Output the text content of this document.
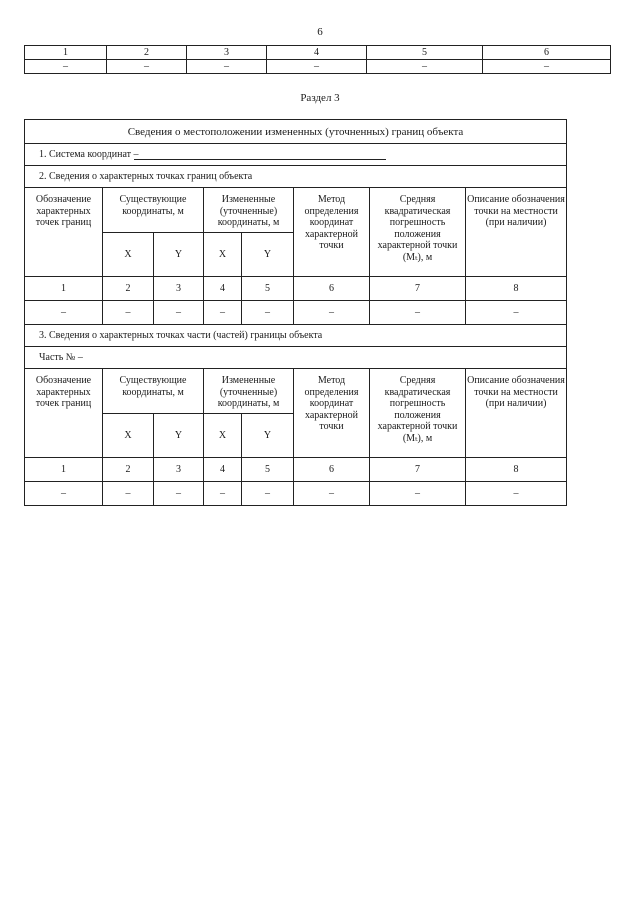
6
1	2	3	4	5	6
–	–	–	–	–	–
Раздел 3
Сведения о местоположении измененных (уточненных) границ объекта							
1. Система координат –							
2. Сведения о характерных точках границ объекта							
Обозначение характерных точек границ	Существующие координаты, м		Измененные (уточненные) координаты, м		Метод определения координат характерной точки	Средняя квадратическая погрешность положения характерной точки (Mₜ), м	Описание обозначения точки на местности (при наличии)
	X	Y	X	Y			
1	2	3	4	5	6	7	8
–	–	–	–	–	–	–	–
3. Сведения о характерных точках части (частей) границы объекта							
Часть № –							
Обозначение характерных точек границ	Существующие координаты, м		Измененные (уточненные) координаты, м		Метод определения координат характерной точки	Средняя квадратическая погрешность положения характерной точки (Mₜ), м	Описание обозначения точки на местности (при наличии)
	X	Y	X	Y			
1	2	3	4	5	6	7	8
–	–	–	–	–	–	–	–
